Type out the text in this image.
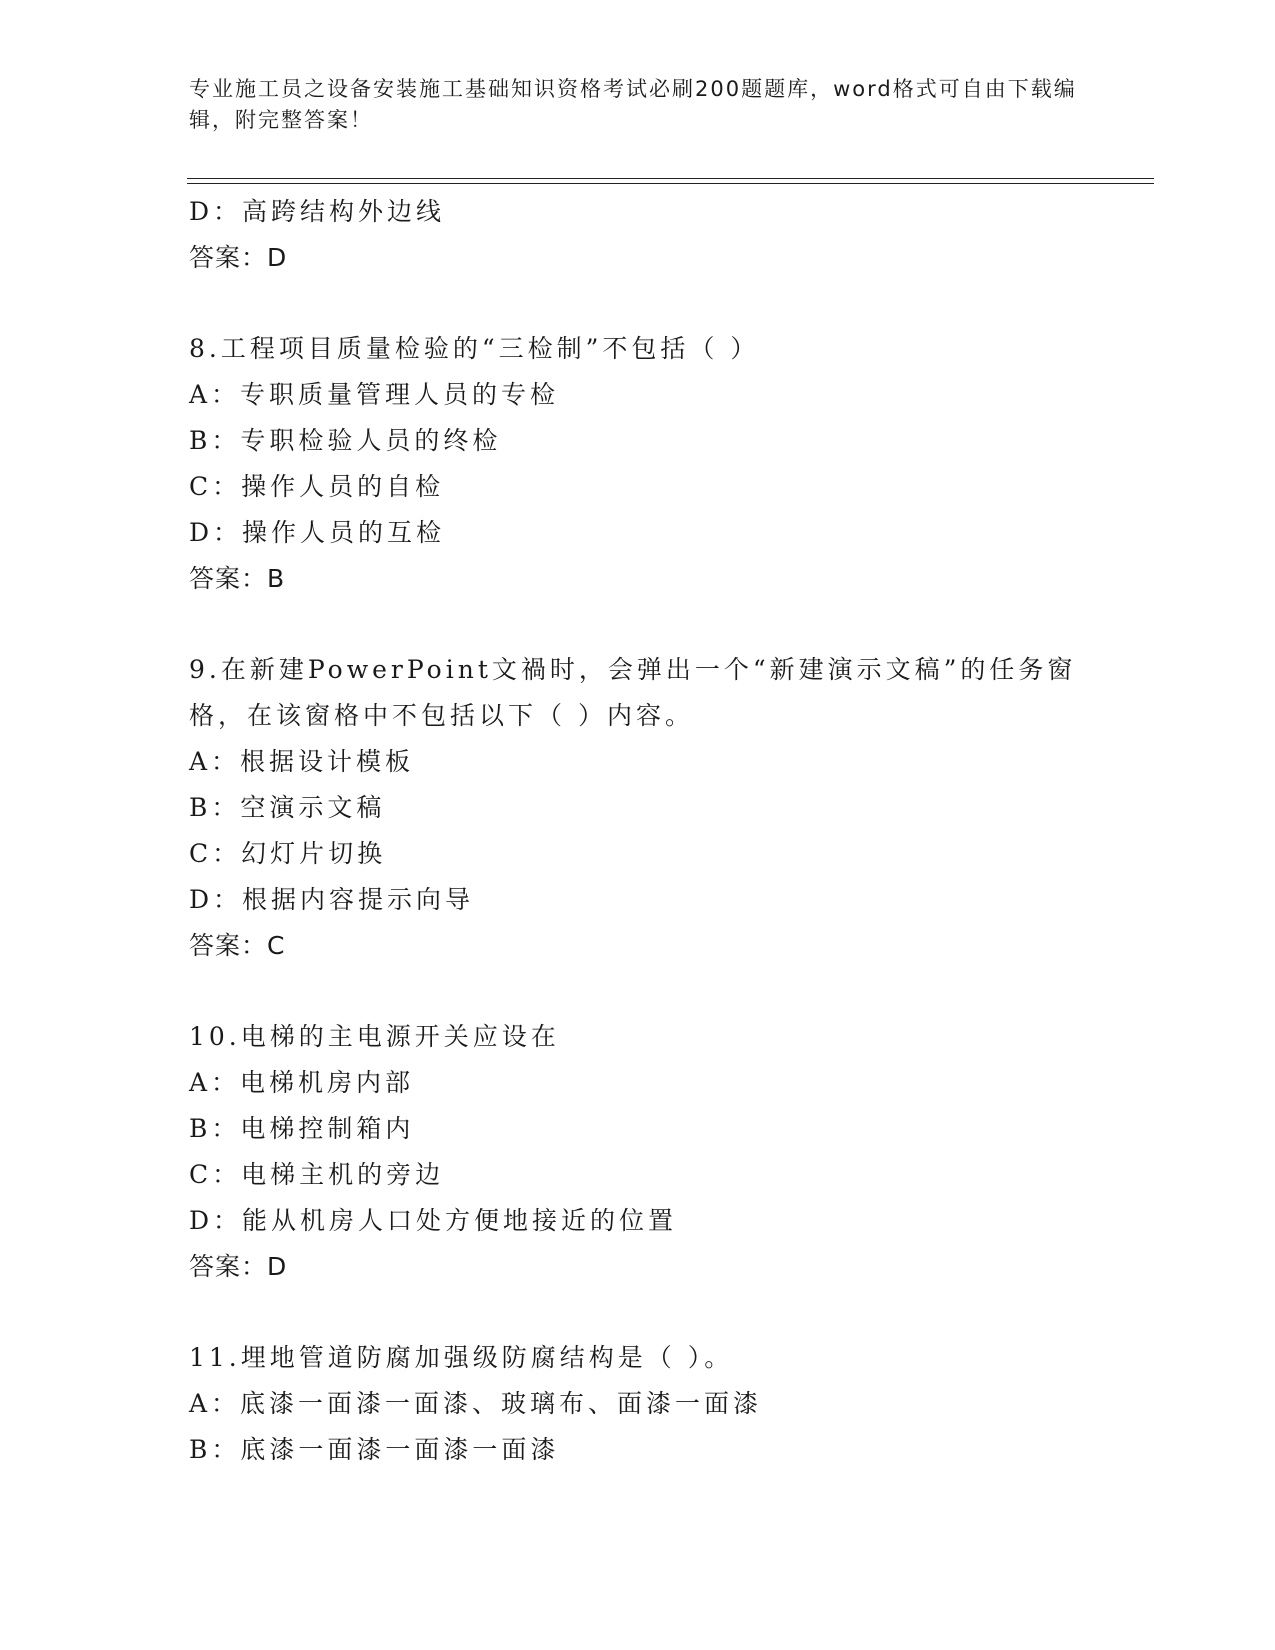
专业施工员之设备安装施工基础知识资格考试必刷200题题库，word格式可自由下载编辑，附完整答案！
D：高跨结构外边线
答案：D
8.工程项目质量检验的“三检制”不包括（ ）
A：专职质量管理人员的专检
B：专职检验人员的终检
C：操作人员的自检
D：操作人员的互检
答案：B
9.在新建PowerPoint文禍时，会弹出一个“新建演示文稿”的任务窗
格，在该窗格中不包括以下（ ）内容。
A：根据设计模板
B：空演示文稿
C：幻灯片切换
D：根据内容提示向导
答案：C
10.电梯的主电源开关应设在
A：电梯机房内部
B：电梯控制箱内
C：电梯主机的旁边
D：能从机房人口处方便地接近的位置
答案：D
11.埋地管道防腐加强级防腐结构是（ ）。
A：底漆一面漆一面漆、玻璃布、面漆一面漆
B：底漆一面漆一面漆一面漆
